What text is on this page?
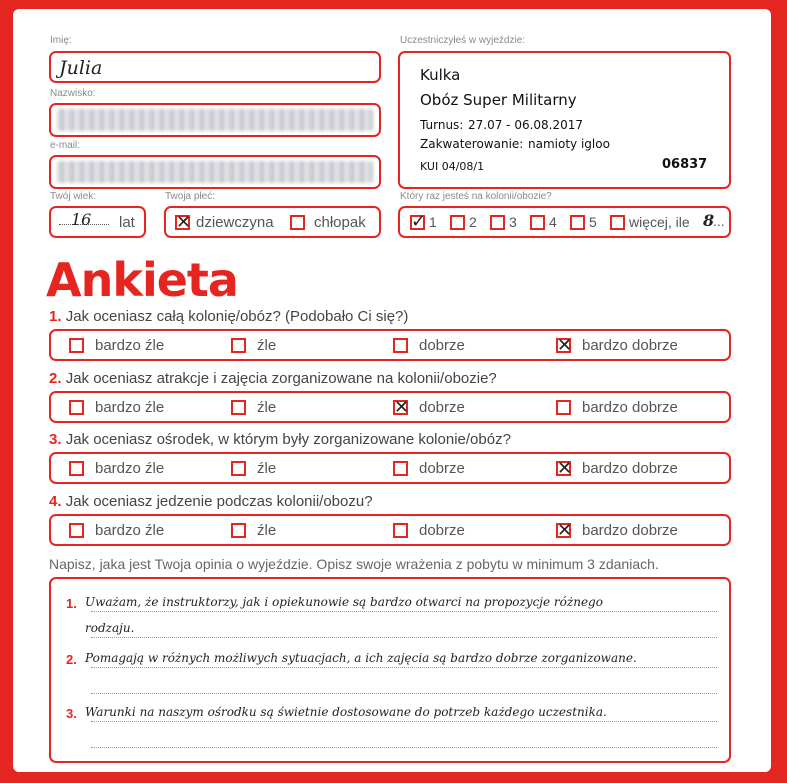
Imię:
Julia
Nazwisko:
e-mail:
Twój wiek:
16 lat
Twoja płeć:
✕ dziewczyna	chłopak
Uczestniczyłeś w wyjeździe:
Kulka
Obóz Super Militarny
Turnus: 27.07 - 06.08.2017
Zakwaterowanie: namioty igloo
KUI 04/08/1	06837
Który raz jesteś na kolonii/obozie?
✓ 1 2 3 4 5 więcej, ile 8
...
Ankieta
1. Jak oceniasz całą kolonię/obóz? (Podobało Ci się?)
bardzo źle	źle	dobrze	✕ bardzo dobrze
2. Jak oceniasz atrakcje i zajęcia zorganizowane na kolonii/obozie?
bardzo źle	źle	✕ dobrze	bardzo dobrze
3. Jak oceniasz ośrodek, w którym były zorganizowane kolonie/obóz?
bardzo źle	źle	dobrze	✕ bardzo dobrze
4. Jak oceniasz jedzenie podczas kolonii/obozu?
bardzo źle	źle	dobrze	✕ bardzo dobrze
Napisz, jaka jest Twoja opinia o wyjeździe. Opisz swoje wrażenia z pobytu w minimum 3 zdaniach.
1. Uważam, że instruktorzy, jak i opiekunowie są bardzo otwarci na propozycje różnego
rodzaju.
2. Pomagają w różnych możliwych sytuacjach, a ich zajęcia są bardzo dobrze zorganizowane.
3. Warunki na naszym ośrodku są świetnie dostosowane do potrzeb każdego uczestnika.
